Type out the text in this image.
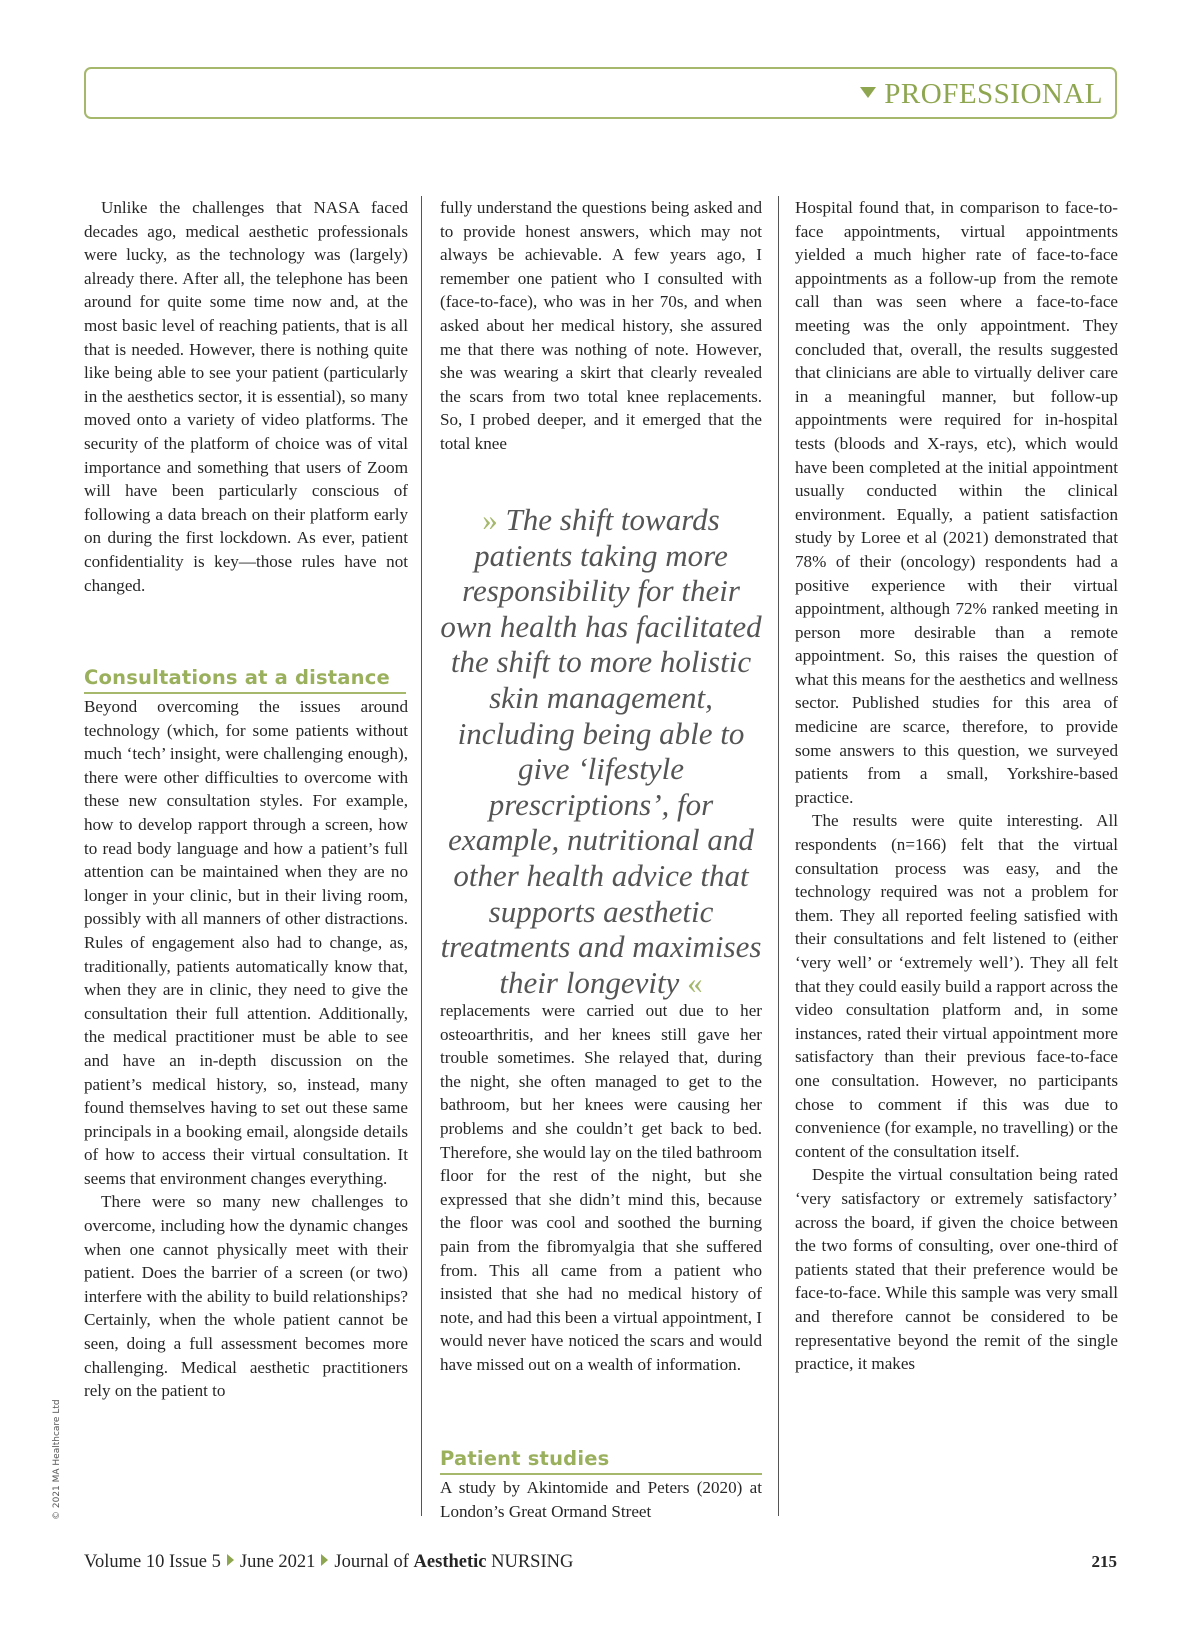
PROFESSIONAL

Unlike the challenges that NASA faced decades ago, medical aesthetic professionals were lucky, as the technology was (largely) already there. After all, the telephone has been around for quite some time now and, at the most basic level of reaching patients, that is all that is needed. However, there is nothing quite like being able to see your patient (particularly in the aesthetics sector, it is essential), so many moved onto a variety of video platforms. The security of the platform of choice was of vital importance and something that users of Zoom will have been particularly conscious of following a data breach on their platform early on during the first lockdown. As ever, patient confidentiality is key—those rules have not changed.

Consultations at a distance

Beyond overcoming the issues around technology (which, for some patients without much ‘tech’ insight, were challenging enough), there were other difficulties to overcome with these new consultation styles. For example, how to develop rapport through a screen, how to read body language and how a patient’s full attention can be maintained when they are no longer in your clinic, but in their living room, possibly with all manners of other distractions. Rules of engagement also had to change, as, traditionally, patients automatically know that, when they are in clinic, they need to give the consultation their full attention. Additionally, the medical practitioner must be able to see and have an in-depth discussion on the patient’s medical history, so, instead, many found themselves having to set out these same principals in a booking email, alongside details of how to access their virtual consultation. It seems that environment changes everything.

There were so many new challenges to overcome, including how the dynamic changes when one cannot physically meet with their patient. Does the barrier of a screen (or two) interfere with the ability to build relationships? Certainly, when the whole patient cannot be seen, doing a full assessment becomes more challenging. Medical aesthetic practitioners rely on the patient to

fully understand the questions being asked and to provide honest answers, which may not always be achievable. A few years ago, I remember one patient who I consulted with (face-to-face), who was in her 70s, and when asked about her medical history, she assured me that there was nothing of note. However, she was wearing a skirt that clearly revealed the scars from two total knee replacements. So, I probed deeper, and it emerged that the total knee

» The shift towards patients taking more responsibility for their own health has facilitated the shift to more holistic skin management, including being able to give ‘lifestyle prescriptions’, for example, nutritional and other health advice that supports aesthetic treatments and maximises their longevity «

replacements were carried out due to her osteoarthritis, and her knees still gave her trouble sometimes. She relayed that, during the night, she often managed to get to the bathroom, but her knees were causing her problems and she couldn’t get back to bed. Therefore, she would lay on the tiled bathroom floor for the rest of the night, but she expressed that she didn’t mind this, because the floor was cool and soothed the burning pain from the fibromyalgia that she suffered from. This all came from a patient who insisted that she had no medical history of note, and had this been a virtual appointment, I would never have noticed the scars and would have missed out on a wealth of information.

Patient studies

A study by Akintomide and Peters (2020) at London’s Great Ormand Street

Hospital found that, in comparison to face-to-face appointments, virtual appointments yielded a much higher rate of face-to-face appointments as a follow-up from the remote call than was seen where a face-to-face meeting was the only appointment. They concluded that, overall, the results suggested that clinicians are able to virtually deliver care in a meaningful manner, but follow-up appointments were required for in-hospital tests (bloods and X-rays, etc), which would have been completed at the initial appointment usually conducted within the clinical environment. Equally, a patient satisfaction study by Loree et al (2021) demonstrated that 78% of their (oncology) respondents had a positive experience with their virtual appointment, although 72% ranked meeting in person more desirable than a remote appointment. So, this raises the question of what this means for the aesthetics and wellness sector. Published studies for this area of medicine are scarce, therefore, to provide some answers to this question, we surveyed patients from a small, Yorkshire-based practice.

The results were quite interesting. All respondents (n=166) felt that the virtual consultation process was easy, and the technology required was not a problem for them. They all reported feeling satisfied with their consultations and felt listened to (either ‘very well’ or ‘extremely well’). They all felt that they could easily build a rapport across the video consultation platform and, in some instances, rated their virtual appointment more satisfactory than their previous face-to-face one consultation. However, no participants chose to comment if this was due to convenience (for example, no travelling) or the content of the consultation itself.

Despite the virtual consultation being rated ‘very satisfactory or extremely satisfactory’ across the board, if given the choice between the two forms of consulting, over one-third of patients stated that their preference would be face-to-face. While this sample was very small and therefore cannot be considered to be representative beyond the remit of the single practice, it makes

© 2021 MA Healthcare Ltd
Volume 10 Issue 5 June 2021 Journal of Aesthetic NURSING	215
